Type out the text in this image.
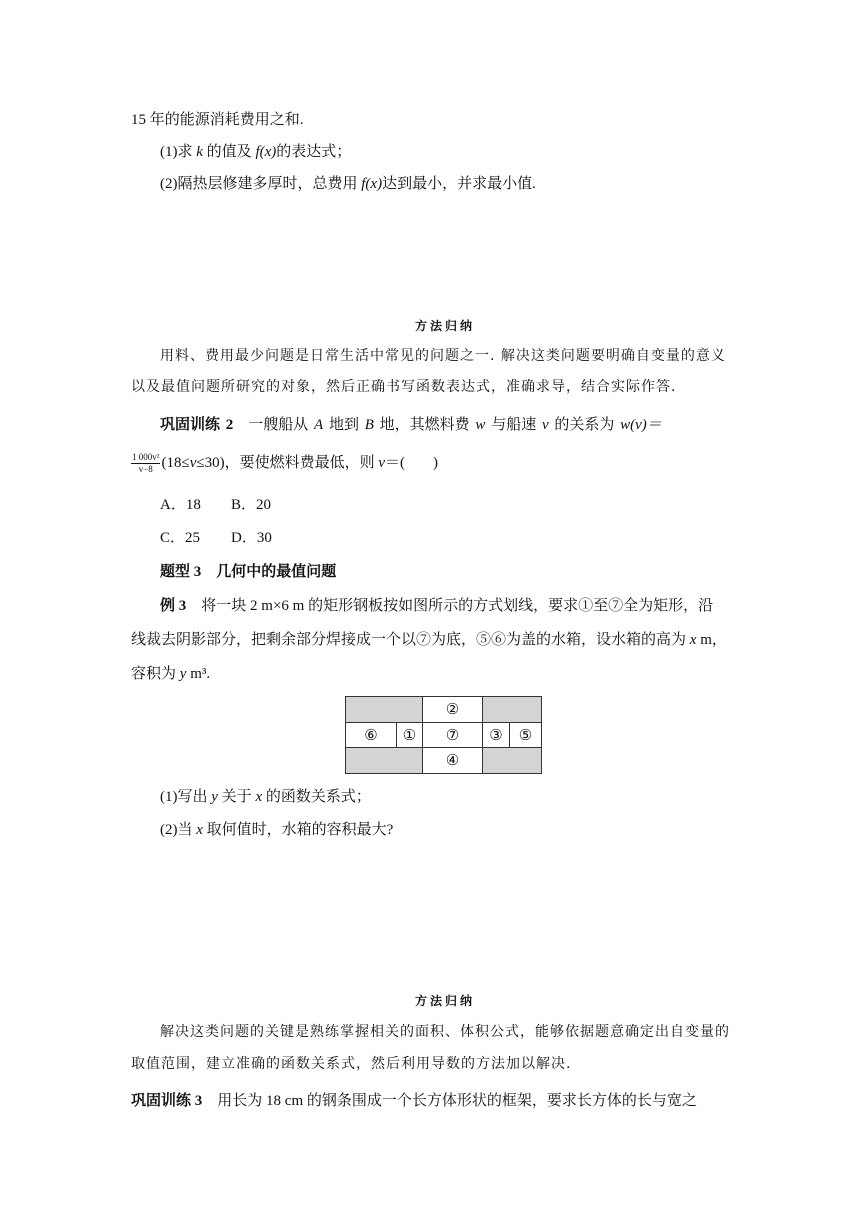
15 年的能源消耗费用之和.
(1)求 k 的值及 f(x)的表达式；
(2)隔热层修建多厚时，总费用 f(x)达到最小，并求最小值.
方法归纳
用料、费用最少问题是日常生活中常见的问题之一. 解决这类问题要明确自变量的意义
以及最值问题所研究的对象，然后正确书写函数表达式，准确求导，结合实际作答.
巩固训练 2　 一艘船从 A 地到 B 地，其燃料费 w 与船速 v 的关系为 w(v)＝
$\frac{\text{1 000v²}}{v-8} (18\le v\le 30)$，要使燃料费最低，则 v＝( )
A．18 B．20
C．25 D．30
题型 3　几何中的最值问题
例 3　 将一块 2 m×6 m 的矩形钢板按如图所示的方式划线，要求①至⑦全为矩形，沿
线裁去阴影部分，把剩余部分焊接成一个以⑦为底，⑤⑥为盖的水箱，设水箱的高为 x m，
容积为 y m³.
②
⑥	①	⑦	③	⑤
④
(1)写出 y 关于 x 的函数关系式；
(2)当 x 取何值时，水箱的容积最大?
方法归纳
解决这类问题的关键是熟练掌握相关的面积、体积公式，能够依据题意确定出自变量的
取值范围，建立准确的函数关系式，然后利用导数的方法加以解决.
巩固训练 3　 用长为 18 cm 的钢条围成一个长方体形状的框架，要求长方体的长与宽之
